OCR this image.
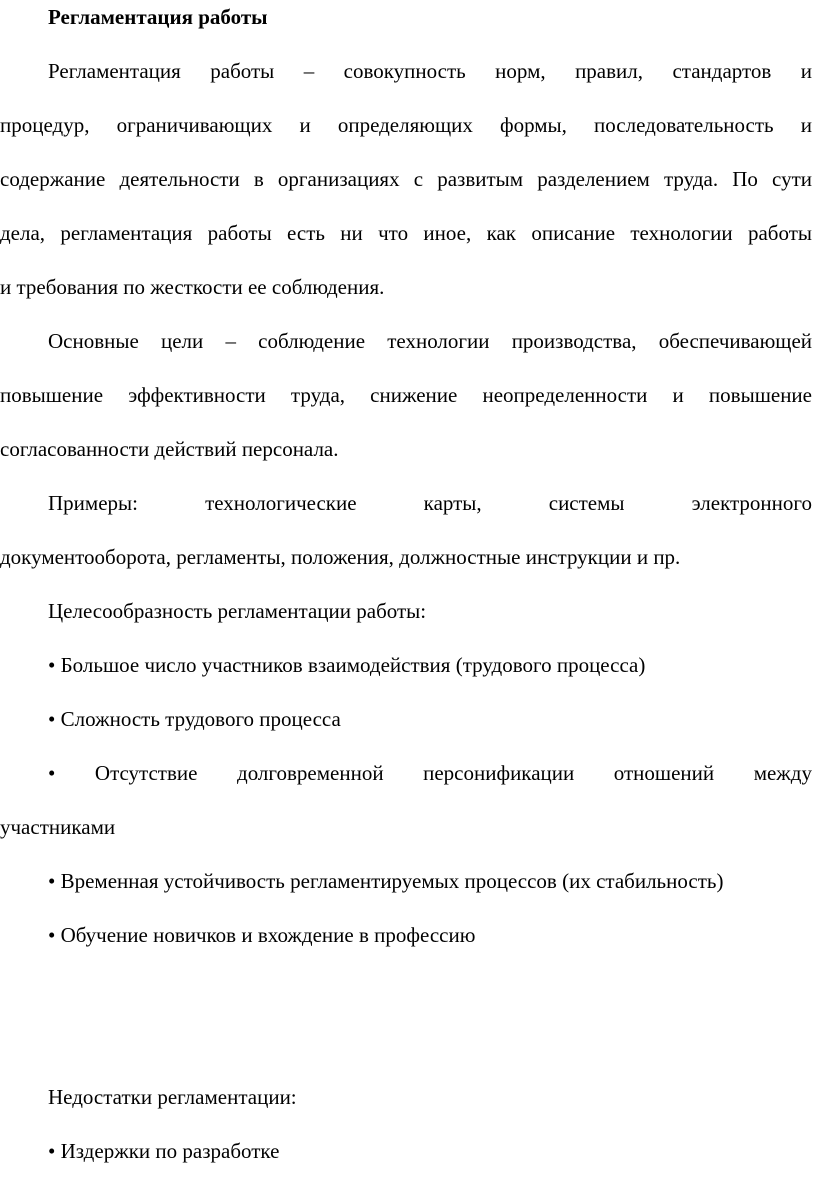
Регламентация работы
Регламентация работы – совокупность норм, правил, стандартов и
процедур, ограничивающих и определяющих формы, последовательность и
содержание деятельности в организациях с развитым разделением труда. По сути
дела, регламентация работы есть ни что иное, как описание технологии работы
и требования по жесткости ее соблюдения.
Основные цели – соблюдение технологии производства, обеспечивающей
повышение эффективности труда, снижение неопределенности и повышение
согласованности действий персонала.
Примеры: технологические карты, системы электронного
документооборота, регламенты, положения, должностные инструкции и пр.
Целесообразность регламентации работы:
• Большое число участников взаимодействия (трудового процесса)
• Сложность трудового процесса
• Отсутствие долговременной персонификации отношений между
участниками
• Временная устойчивость регламентируемых процессов (их стабильность)
• Обучение новичков и вхождение в профессию
Недостатки регламентации:
• Издержки по разработке
